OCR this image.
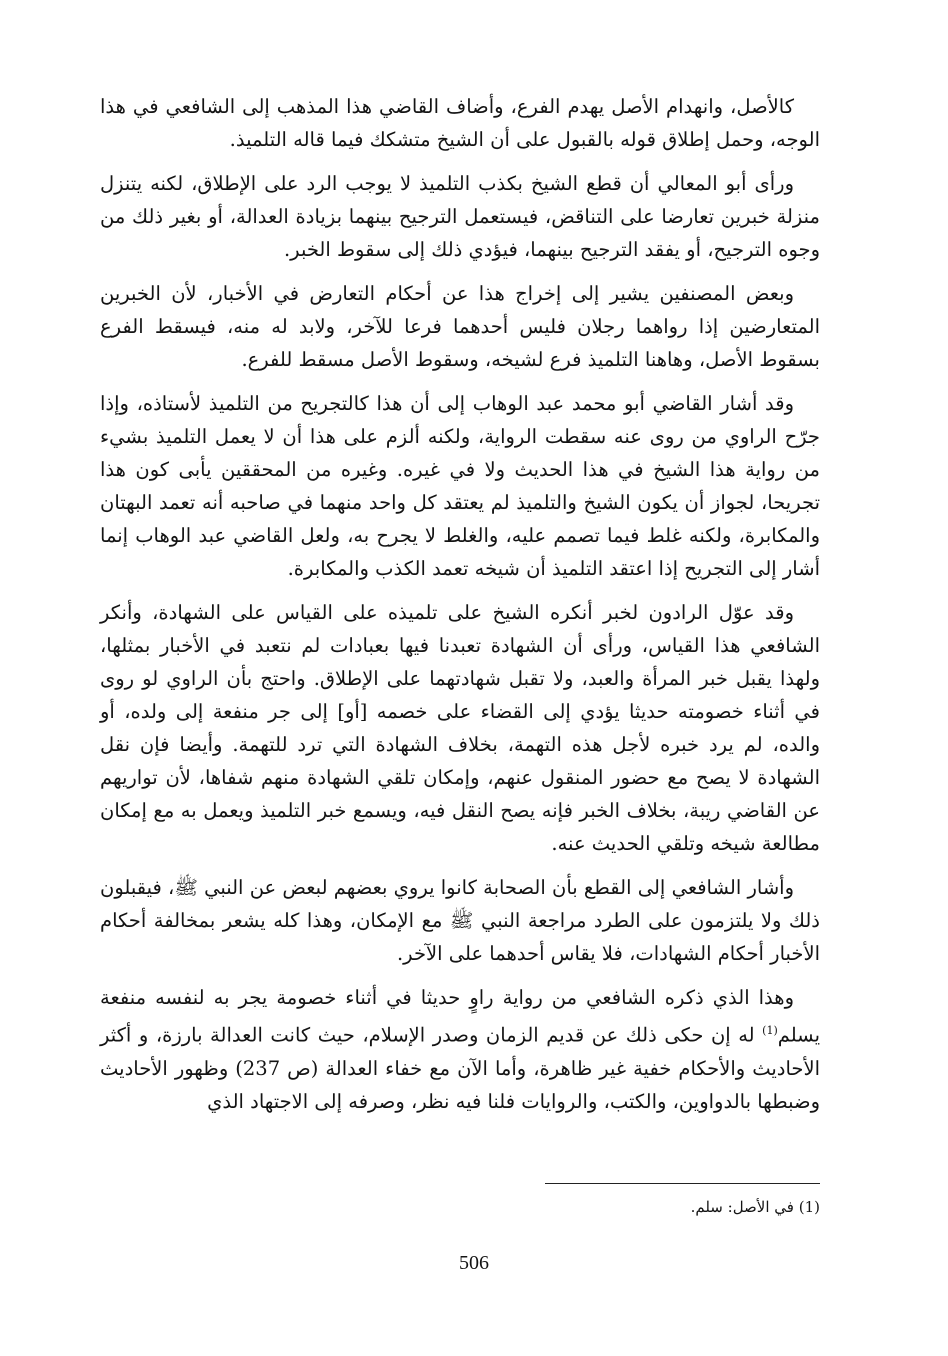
كالأصل، وانهدام الأصل يهدم الفرع، وأضاف القاضي هذا المذهب إلى الشافعي في هذا الوجه، وحمل إطلاق قوله بالقبول على أن الشيخ متشكك فيما قاله التلميذ.

ورأى أبو المعالي أن قطع الشيخ بكذب التلميذ لا يوجب الرد على الإطلاق، لكنه يتنزل منزلة خبرين تعارضا على التناقض، فيستعمل الترجيح بينهما بزيادة العدالة، أو بغير ذلك من وجوه الترجيح، أو يفقد الترجيح بينهما، فيؤدي ذلك إلى سقوط الخبر.

وبعض المصنفين يشير إلى إخراج هذا عن أحكام التعارض في الأخبار، لأن الخبرين المتعارضين إذا رواهما رجلان فليس أحدهما فرعا للآخر، ولابد له منه، فيسقط الفرع بسقوط الأصل، وهاهنا التلميذ فرع لشيخه، وسقوط الأصل مسقط للفرع.

وقد أشار القاضي أبو محمد عبد الوهاب إلى أن هذا كالتجريح من التلميذ لأستاذه، وإذا جرّح الراوي من روى عنه سقطت الرواية، ولكنه ألزم على هذا أن لا يعمل التلميذ بشيء من رواية هذا الشيخ في هذا الحديث ولا في غيره. وغيره من المحققين يأبى كون هذا تجريحا، لجواز أن يكون الشيخ والتلميذ لم يعتقد كل واحد منهما في صاحبه أنه تعمد البهتان والمكابرة، ولكنه غلط فيما تصمم عليه، والغلط لا يجرح به، ولعل القاضي عبد الوهاب إنما أشار إلى التجريح إذا اعتقد التلميذ أن شيخه تعمد الكذب والمكابرة.

وقد عوّل الرادون لخبر أنكره الشيخ على تلميذه على القياس على الشهادة، وأنكر الشافعي هذا القياس، ورأى أن الشهادة تعبدنا فيها بعبادات لم نتعبد في الأخبار بمثلها، ولهذا يقبل خبر المرأة والعبد، ولا تقبل شهادتهما على الإطلاق. واحتج بأن الراوي لو روى في أثناء خصومته حديثا يؤدي إلى القضاء على خصمه [أو] إلى جر منفعة إلى ولده، أو والده، لم يرد خبره لأجل هذه التهمة، بخلاف الشهادة التي ترد للتهمة. وأيضا فإن نقل الشهادة لا يصح مع حضور المنقول عنهم، وإمكان تلقي الشهادة منهم شفاها، لأن تواريهم عن القاضي ريبة، بخلاف الخبر فإنه يصح النقل فيه، ويسمع خبر التلميذ ويعمل به مع إمكان مطالعة شيخه وتلقي الحديث عنه.

وأشار الشافعي إلى القطع بأن الصحابة كانوا يروي بعضهم لبعض عن النبي ﷺ، فيقبلون ذلك ولا يلتزمون على الطرد مراجعة النبي ﷺ مع الإمكان، وهذا كله يشعر بمخالفة أحكام الأخبار أحكام الشهادات، فلا يقاس أحدهما على الآخر.

وهذا الذي ذكره الشافعي من رواية راوٍ حديثا في أثناء خصومة يجر به لنفسه منفعة يسلم$^{(1)}$ له إن حكى ذلك عن قديم الزمان وصدر الإسلام، حيث كانت العدالة بارزة، و أكثر الأحاديث والأحكام خفية غير ظاهرة، وأما الآن مع خفاء العدالة (ص 237) وظهور الأحاديث وضبطها بالدواوين، والكتب، والروايات فلنا فيه نظر، وصرفه إلى الاجتهاد الذي

(1) في الأصل: سلم.
506
